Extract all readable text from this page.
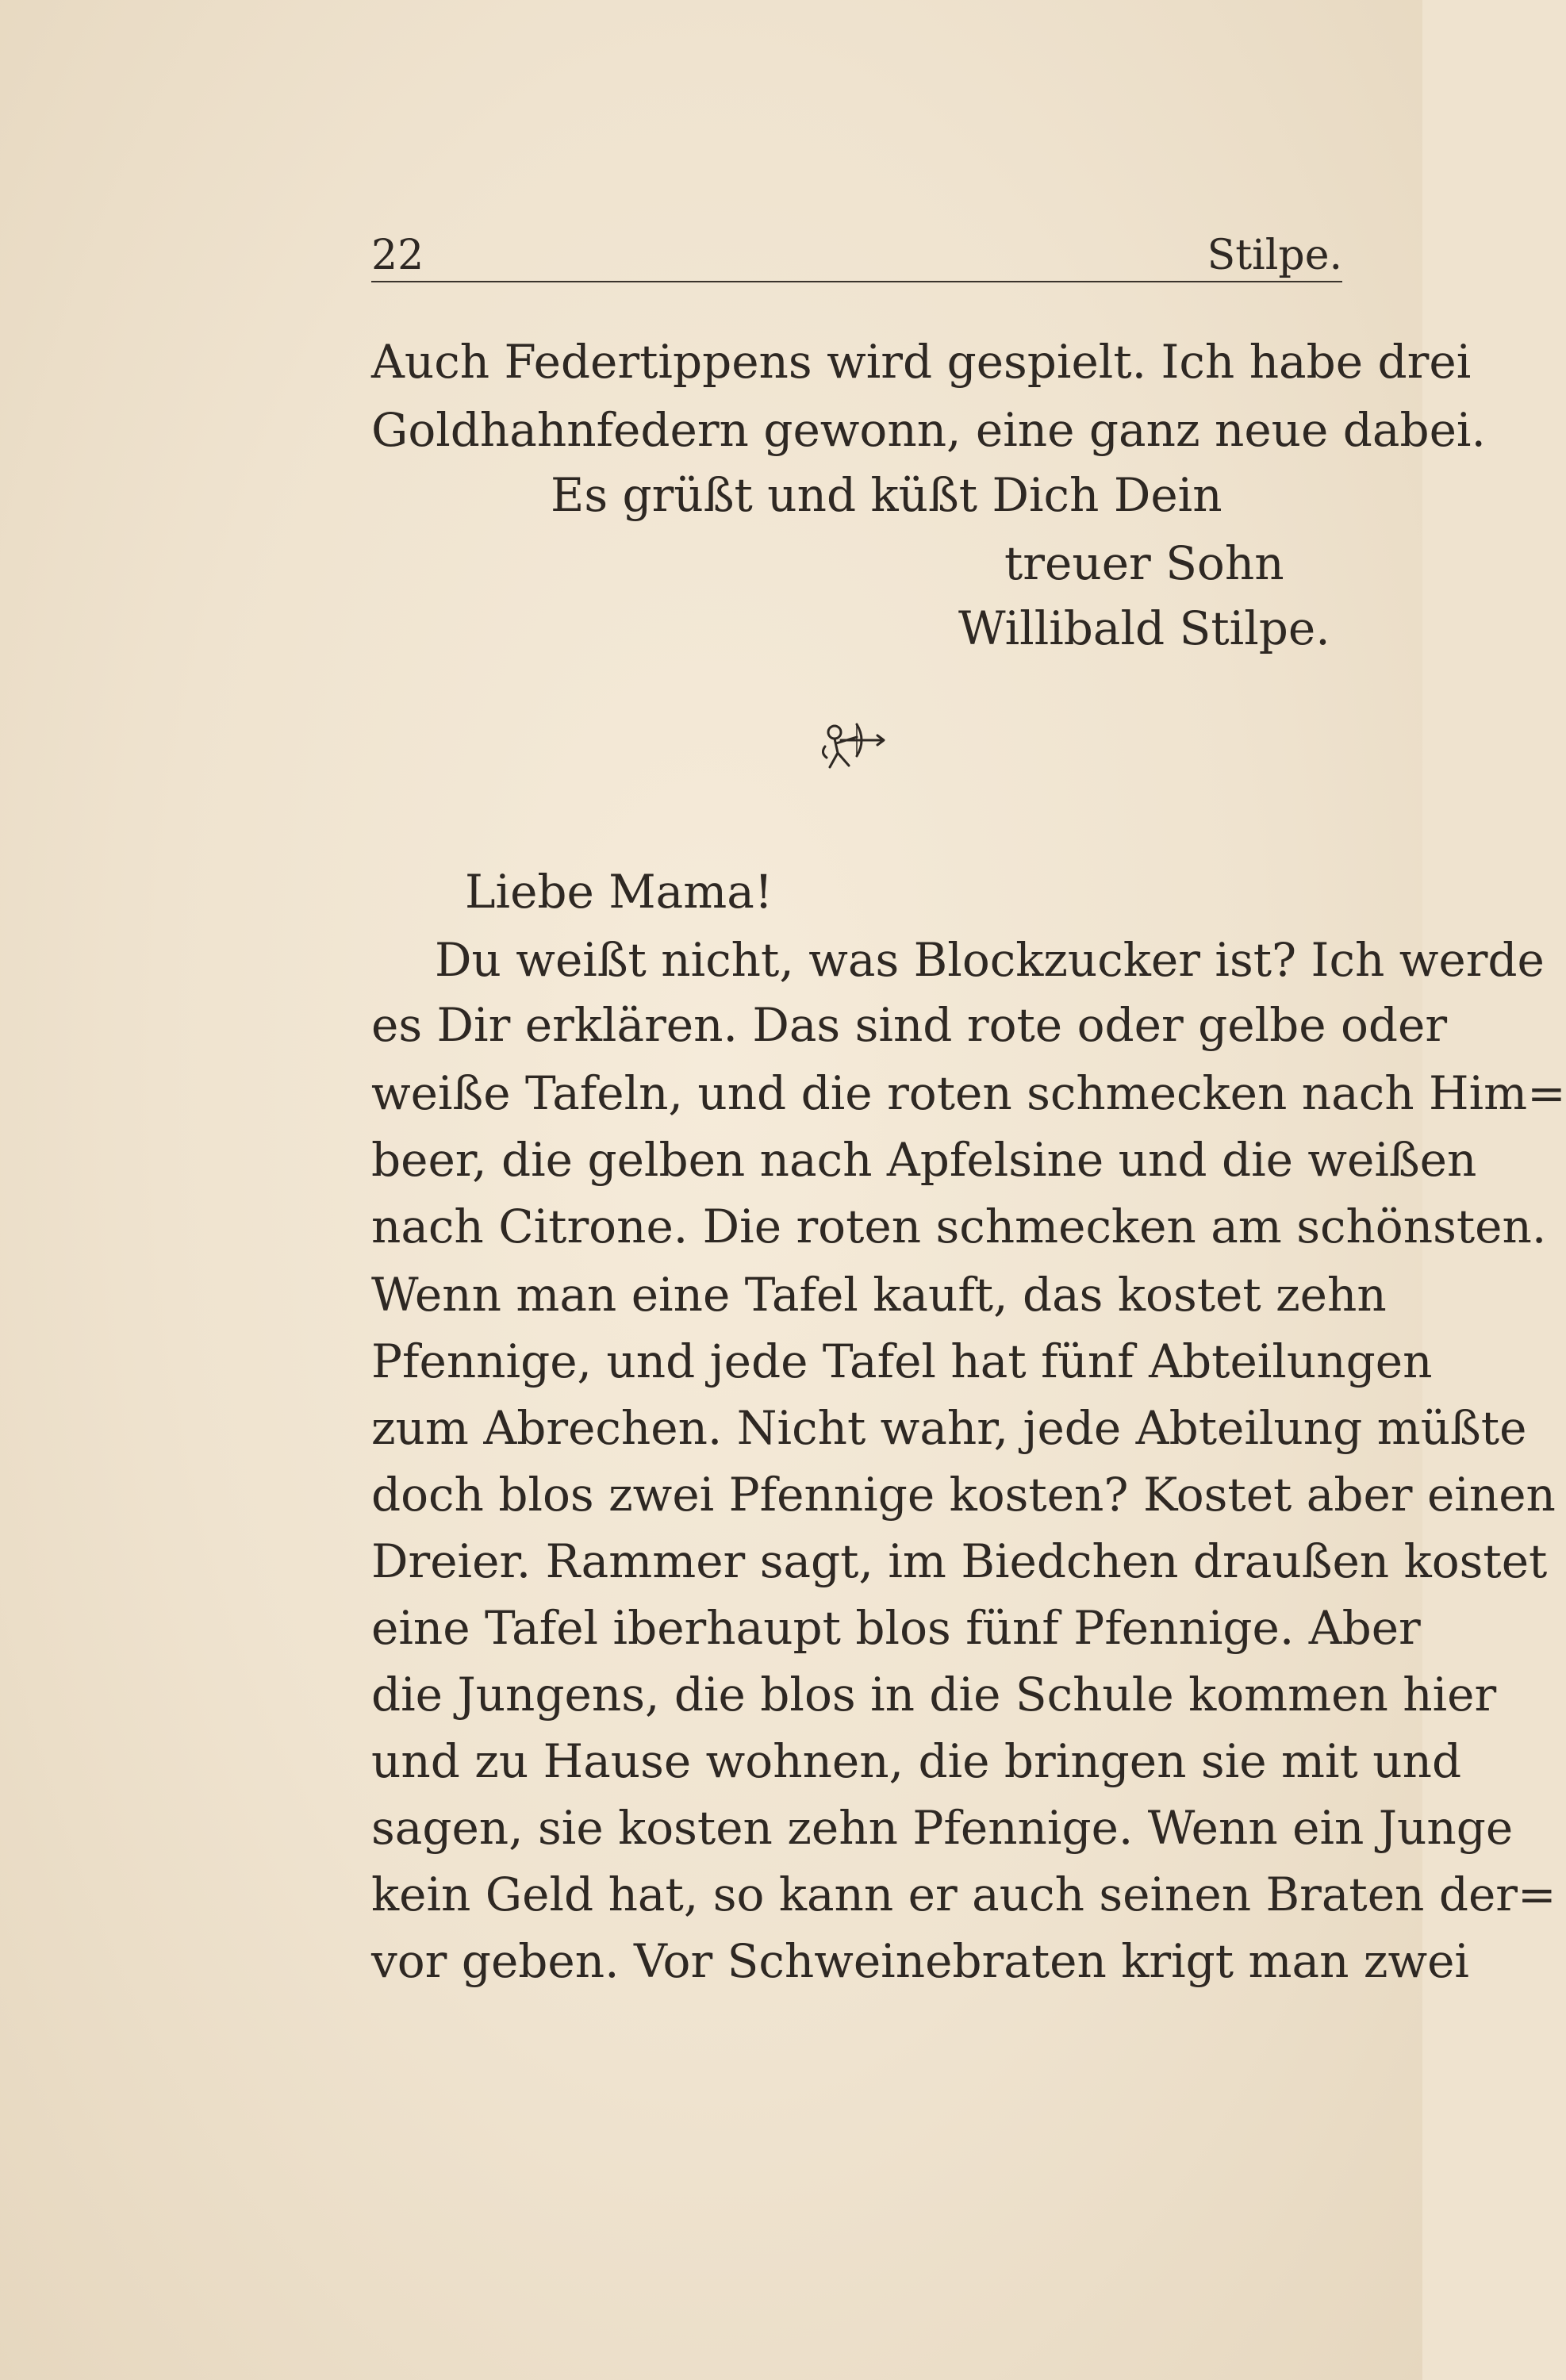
22	Stilpe.
Auch Federtippens wird gespielt. Ich habe drei
Goldhahnfedern gewonn, eine ganz neue dabei.
Es grüßt und küßt Dich Dein
treuer Sohn
Willibald Stilpe.
Liebe Mama!
Du weißt nicht, was Blockzucker ist? Ich werde
es Dir erklären. Das sind rote oder gelbe oder
weiße Tafeln, und die roten schmecken nach Him=
beer, die gelben nach Apfelsine und die weißen
nach Citrone. Die roten schmecken am schönsten.
Wenn man eine Tafel kauft, das kostet zehn
Pfennige, und jede Tafel hat fünf Abteilungen
zum Abrechen. Nicht wahr, jede Abteilung müßte
doch blos zwei Pfennige kosten? Kostet aber einen
Dreier. Rammer sagt, im Biedchen draußen kostet
eine Tafel iberhaupt blos fünf Pfennige. Aber
die Jungens, die blos in die Schule kommen hier
und zu Hause wohnen, die bringen sie mit und
sagen, sie kosten zehn Pfennige. Wenn ein Junge
kein Geld hat, so kann er auch seinen Braten der=
vor geben. Vor Schweinebraten krigt man zwei
